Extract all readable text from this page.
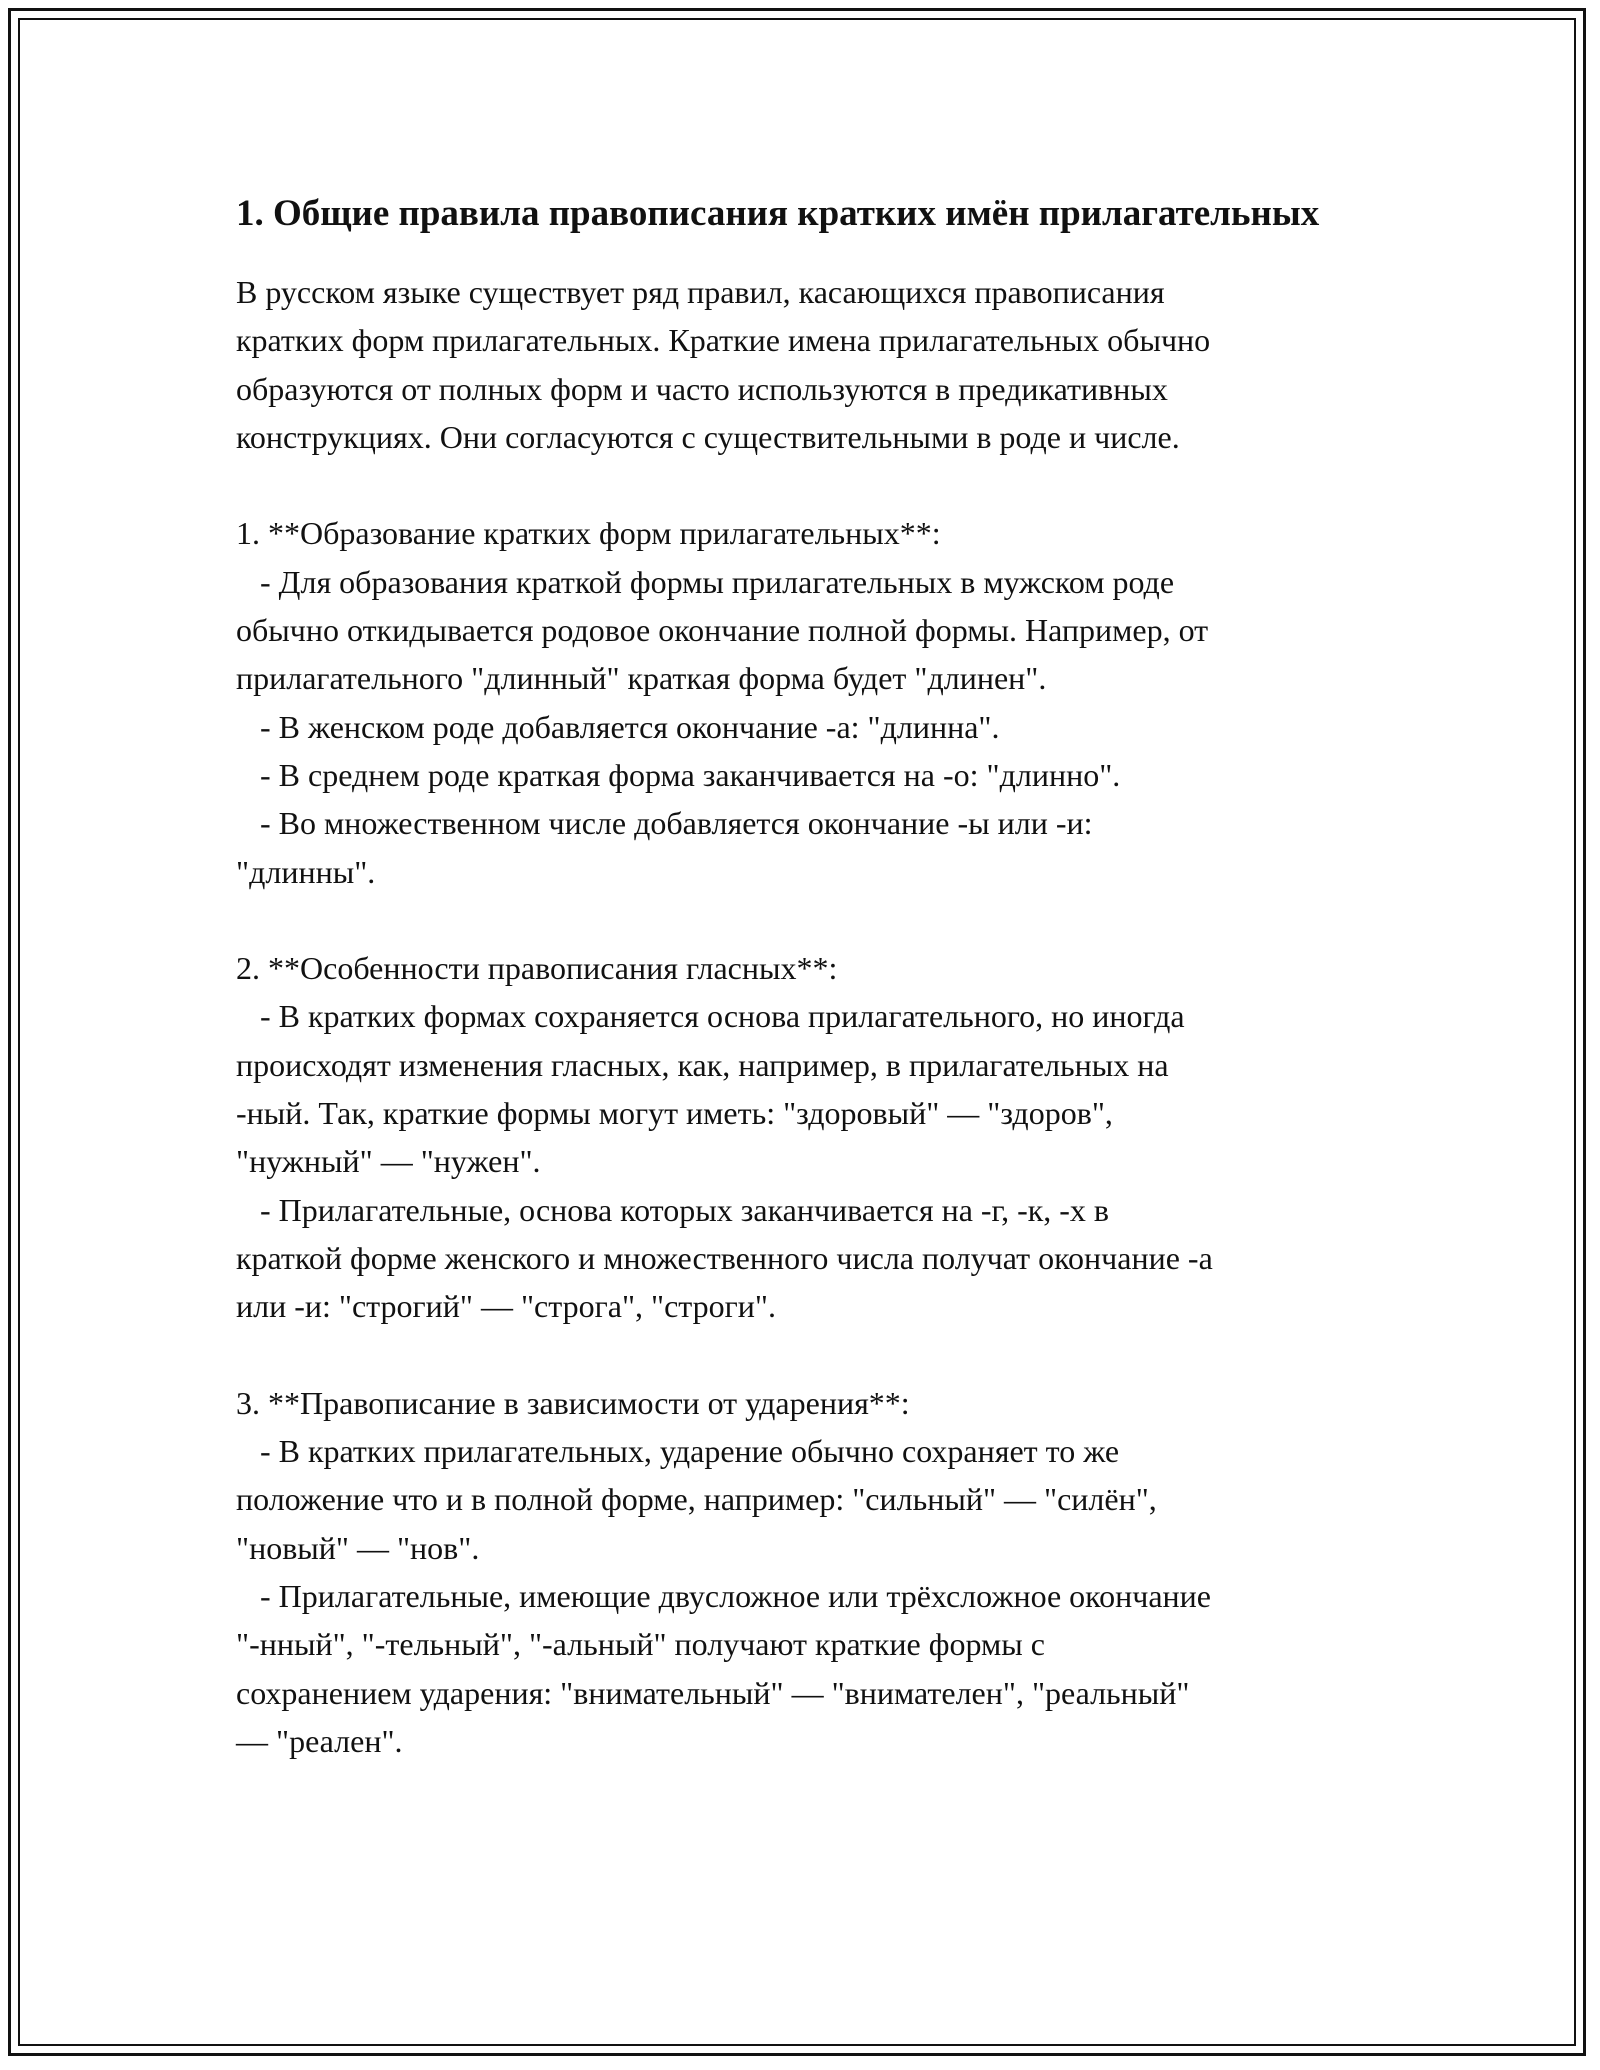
1. Общие правила правописания кратких имён прилагательных
В русском языке существует ряд правил, касающихся правописания
кратких форм прилагательных. Краткие имена прилагательных обычно
образуются от полных форм и часто используются в предикативных
конструкциях. Они согласуются с существительными в роде и числе.
1. **Образование кратких форм прилагательных**:
- Для образования краткой формы прилагательных в мужском роде
обычно откидывается родовое окончание полной формы. Например, от
прилагательного "длинный" краткая форма будет "длинен".
- В женском роде добавляется окончание -а: "длинна".
- В среднем роде краткая форма заканчивается на -о: "длинно".
- Во множественном числе добавляется окончание -ы или -и:
"длинны".
2. **Особенности правописания гласных**:
- В кратких формах сохраняется основа прилагательного, но иногда
происходят изменения гласных, как, например, в прилагательных на
-ный. Так, краткие формы могут иметь: "здоровый" — "здоров",
"нужный" — "нужен".
- Прилагательные, основа которых заканчивается на -г, -к, -х в
краткой форме женского и множественного числа получат окончание -а
или -и: "строгий" — "строга", "строги".
3. **Правописание в зависимости от ударения**:
- В кратких прилагательных, ударение обычно сохраняет то же
положение что и в полной форме, например: "сильный" — "силён",
"новый" — "нов".
- Прилагательные, имеющие двусложное или трёхсложное окончание
"-нный", "-тельный", "-альный" получают краткие формы с
сохранением ударения: "внимательный" — "внимателен", "реальный"
— "реален".
